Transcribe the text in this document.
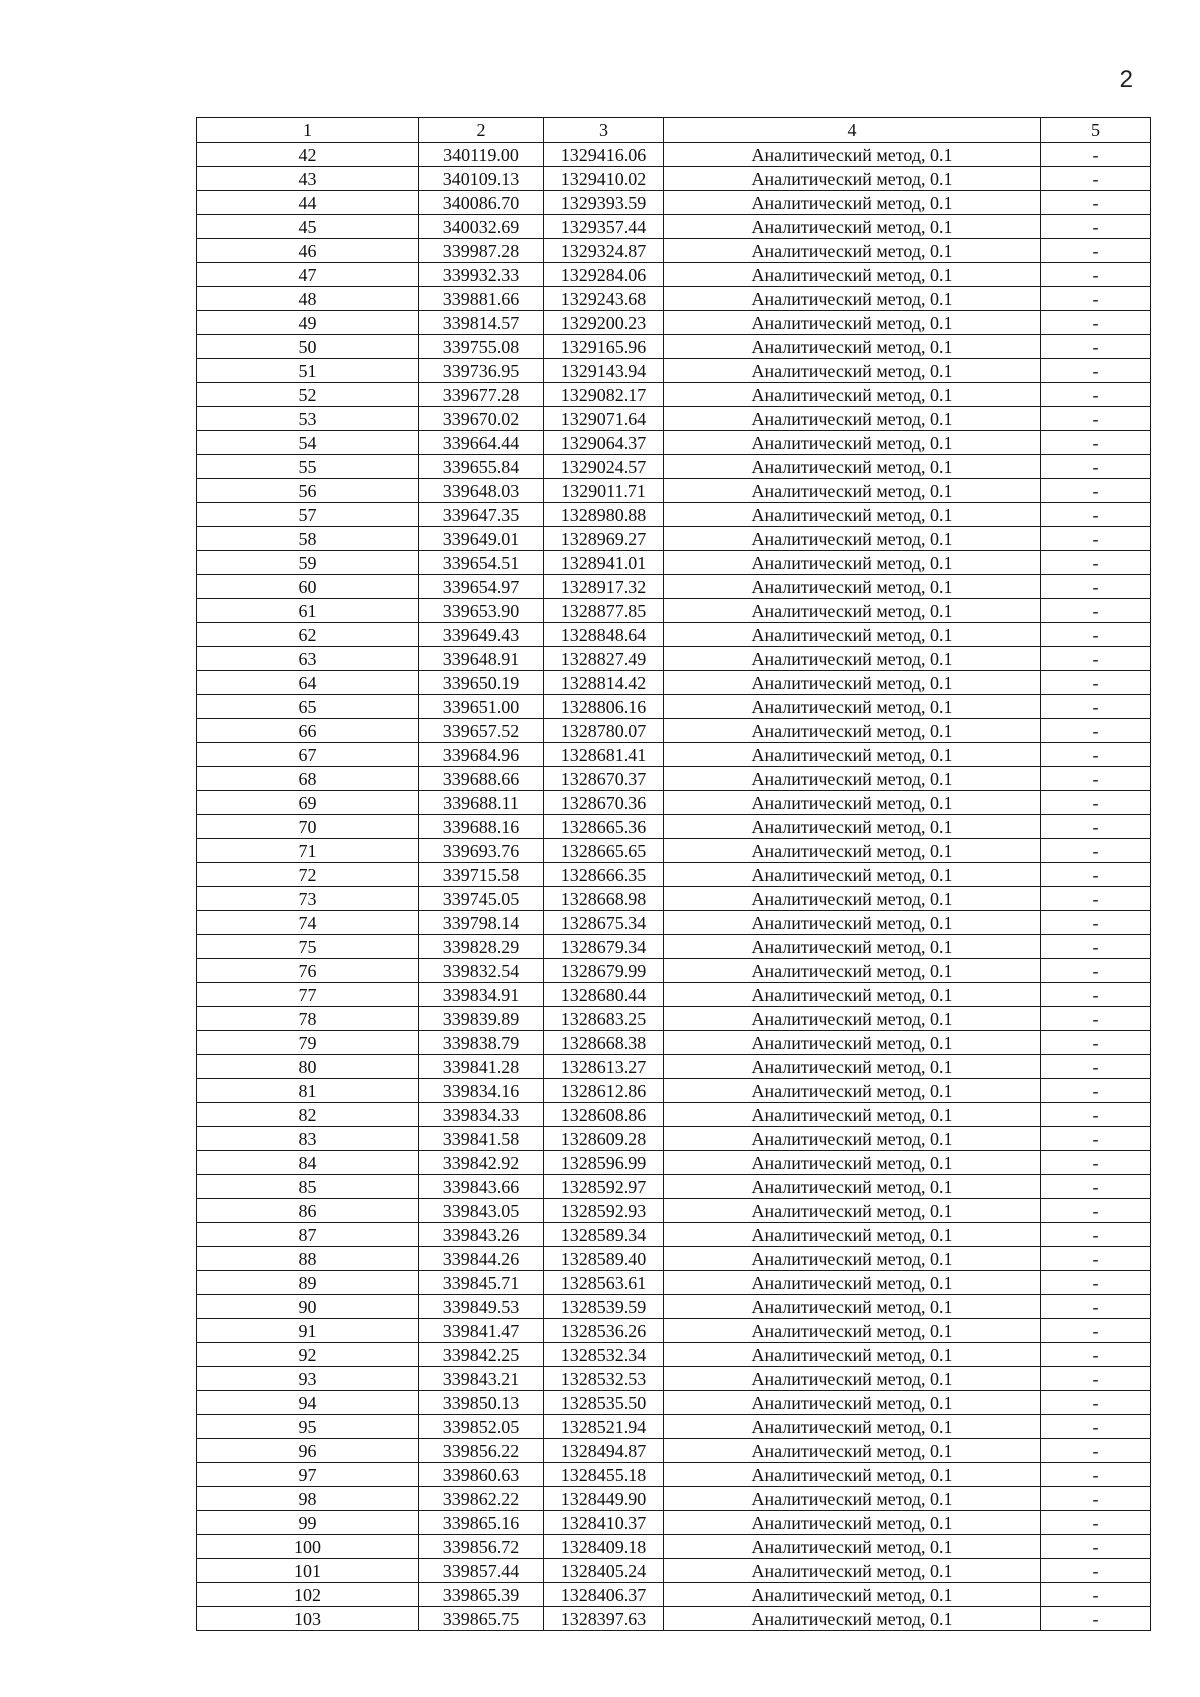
2
1	2	3	4	5
42	340119.00	1329416.06	Аналитический метод, 0.1	-
43	340109.13	1329410.02	Аналитический метод, 0.1	-
44	340086.70	1329393.59	Аналитический метод, 0.1	-
45	340032.69	1329357.44	Аналитический метод, 0.1	-
46	339987.28	1329324.87	Аналитический метод, 0.1	-
47	339932.33	1329284.06	Аналитический метод, 0.1	-
48	339881.66	1329243.68	Аналитический метод, 0.1	-
49	339814.57	1329200.23	Аналитический метод, 0.1	-
50	339755.08	1329165.96	Аналитический метод, 0.1	-
51	339736.95	1329143.94	Аналитический метод, 0.1	-
52	339677.28	1329082.17	Аналитический метод, 0.1	-
53	339670.02	1329071.64	Аналитический метод, 0.1	-
54	339664.44	1329064.37	Аналитический метод, 0.1	-
55	339655.84	1329024.57	Аналитический метод, 0.1	-
56	339648.03	1329011.71	Аналитический метод, 0.1	-
57	339647.35	1328980.88	Аналитический метод, 0.1	-
58	339649.01	1328969.27	Аналитический метод, 0.1	-
59	339654.51	1328941.01	Аналитический метод, 0.1	-
60	339654.97	1328917.32	Аналитический метод, 0.1	-
61	339653.90	1328877.85	Аналитический метод, 0.1	-
62	339649.43	1328848.64	Аналитический метод, 0.1	-
63	339648.91	1328827.49	Аналитический метод, 0.1	-
64	339650.19	1328814.42	Аналитический метод, 0.1	-
65	339651.00	1328806.16	Аналитический метод, 0.1	-
66	339657.52	1328780.07	Аналитический метод, 0.1	-
67	339684.96	1328681.41	Аналитический метод, 0.1	-
68	339688.66	1328670.37	Аналитический метод, 0.1	-
69	339688.11	1328670.36	Аналитический метод, 0.1	-
70	339688.16	1328665.36	Аналитический метод, 0.1	-
71	339693.76	1328665.65	Аналитический метод, 0.1	-
72	339715.58	1328666.35	Аналитический метод, 0.1	-
73	339745.05	1328668.98	Аналитический метод, 0.1	-
74	339798.14	1328675.34	Аналитический метод, 0.1	-
75	339828.29	1328679.34	Аналитический метод, 0.1	-
76	339832.54	1328679.99	Аналитический метод, 0.1	-
77	339834.91	1328680.44	Аналитический метод, 0.1	-
78	339839.89	1328683.25	Аналитический метод, 0.1	-
79	339838.79	1328668.38	Аналитический метод, 0.1	-
80	339841.28	1328613.27	Аналитический метод, 0.1	-
81	339834.16	1328612.86	Аналитический метод, 0.1	-
82	339834.33	1328608.86	Аналитический метод, 0.1	-
83	339841.58	1328609.28	Аналитический метод, 0.1	-
84	339842.92	1328596.99	Аналитический метод, 0.1	-
85	339843.66	1328592.97	Аналитический метод, 0.1	-
86	339843.05	1328592.93	Аналитический метод, 0.1	-
87	339843.26	1328589.34	Аналитический метод, 0.1	-
88	339844.26	1328589.40	Аналитический метод, 0.1	-
89	339845.71	1328563.61	Аналитический метод, 0.1	-
90	339849.53	1328539.59	Аналитический метод, 0.1	-
91	339841.47	1328536.26	Аналитический метод, 0.1	-
92	339842.25	1328532.34	Аналитический метод, 0.1	-
93	339843.21	1328532.53	Аналитический метод, 0.1	-
94	339850.13	1328535.50	Аналитический метод, 0.1	-
95	339852.05	1328521.94	Аналитический метод, 0.1	-
96	339856.22	1328494.87	Аналитический метод, 0.1	-
97	339860.63	1328455.18	Аналитический метод, 0.1	-
98	339862.22	1328449.90	Аналитический метод, 0.1	-
99	339865.16	1328410.37	Аналитический метод, 0.1	-
100	339856.72	1328409.18	Аналитический метод, 0.1	-
101	339857.44	1328405.24	Аналитический метод, 0.1	-
102	339865.39	1328406.37	Аналитический метод, 0.1	-
103	339865.75	1328397.63	Аналитический метод, 0.1	-
